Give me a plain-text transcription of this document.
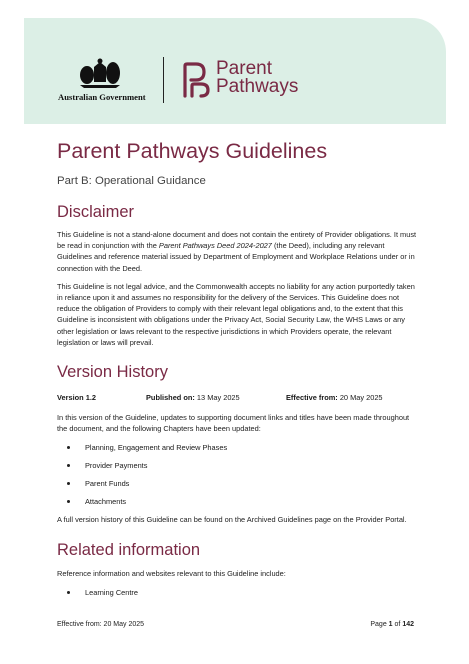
Australian Government
Parent
Pathways
Parent Pathways Guidelines
Part B: Operational Guidance
Disclaimer

This Guideline is not a stand-alone document and does not contain the entirety of Provider obligations. It must be read in conjunction with the Parent Pathways Deed 2024-2027 (the Deed), including any relevant Guidelines and reference material issued by Department of Employment and Workplace Relations under or in connection with the Deed.

This Guideline is not legal advice, and the Commonwealth accepts no liability for any action purportedly taken in reliance upon it and assumes no responsibility for the delivery of the Services. This Guideline does not reduce the obligation of Providers to comply with their relevant legal obligations and, to the extent that this Guideline is inconsistent with obligations under the Privacy Act, Social Security Law, the WHS Laws or any other legislation or laws relevant to the respective jurisdictions in which Providers operate, the relevant legislation or laws will prevail.

Version History
Version 1.2	Published on: 13 May 2025	Effective from: 20 May 2025

In this version of the Guideline, updates to supporting document links and titles have been made throughout the document, and the following Chapters have been updated:

Planning, Engagement and Review Phases
Provider Payments
Parent Funds
Attachments

A full version history of this Guideline can be found on the Archived Guidelines page on the Provider Portal.

Related information

Reference information and websites relevant to this Guideline include:

Learning Centre
Effective from: 20 May 2025	Page 1 of 142
